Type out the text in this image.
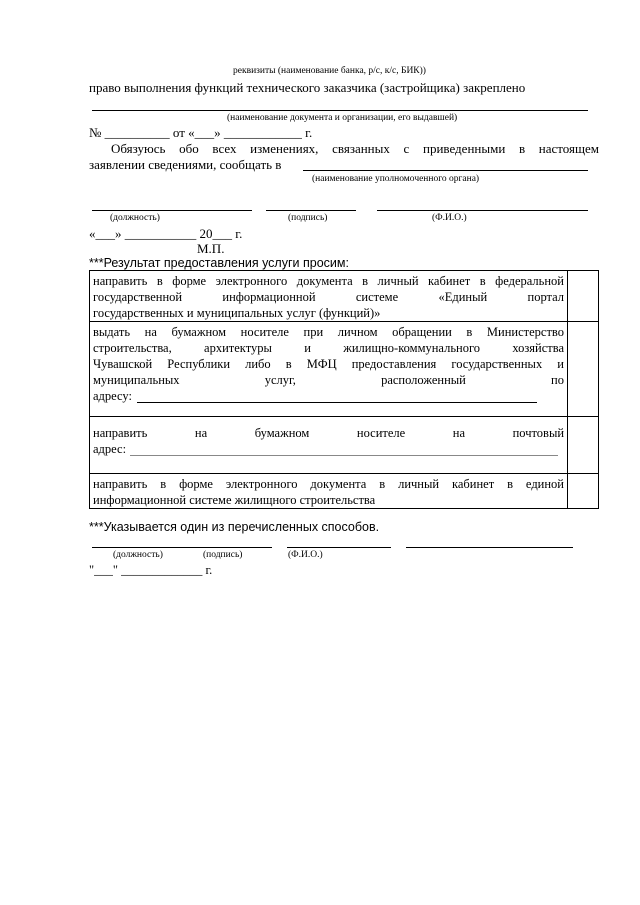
реквизиты (наименование банка, р/с, к/с, БИК))
право выполнения функций технического заказчика (застройщика) закреплено
(наименование документа и организации, его выдавшей)
№ __________ от «___» ____________ г.
Обязуюсь обо всех изменениях, связанных с приведенными в настоящем
заявлении сведениями, сообщать в
(наименование уполномоченного органа)
(должность)	(подпись)	(Ф.И.О.)
«___» ___________ 20___ г.
М.П.
***Результат предоставления услуги просим:
направить в форме электронного документа в личный кабинет в федеральной
государственной информационной системе «Единый портал
государственных и муниципальных услуг (функций)»	

выдать на бумажном носителе при личном обращении в Министерство
строительства, архитектуры и жилищно-коммунального хозяйства
Чувашской Республики либо в МФЦ предоставления государственных и
муниципальных услуг, расположенный по
адресу:	

направить на бумажном носителе на почтовый
адрес:	

направить в форме электронного документа в личный кабинет в единой
информационной системе жилищного строительства	

***Указывается один из перечисленных способов.
(должность)	(подпись)	(Ф.И.О.)
"___" _____________ г.
